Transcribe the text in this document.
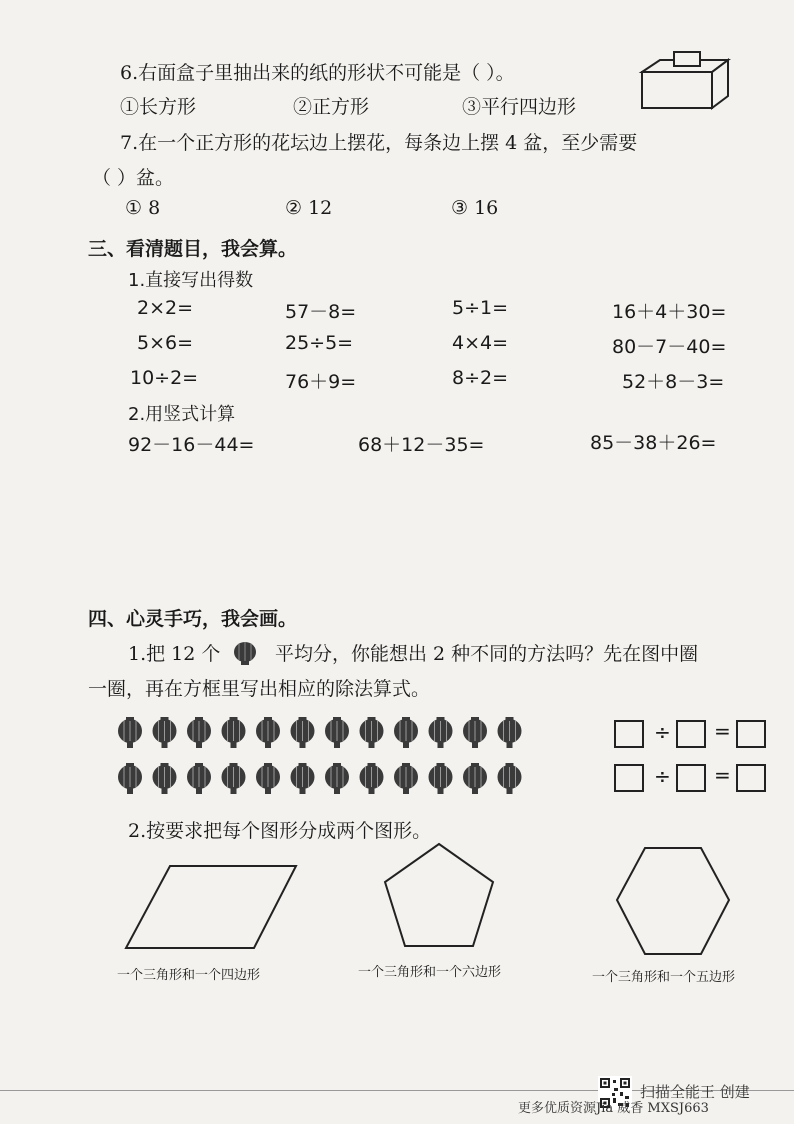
6.右面盒子里抽出来的纸的形状不可能是（ ）。
①长方形	②正方形	③平行四边形
7.在一个正方形的花坛边上摆花，每条边上摆 4 盆，至少需要
（ ）盆。
① 8	② 12	③ 16
三、看清题目，我会算。
1.直接写出得数
2×2=	57－8=	5÷1=	16＋4＋30=
5×6=	25÷5=	4×4=	80－7－40=
10÷2=	76＋9=	8÷2=	52＋8－3=
2.用竖式计算
92－16－44=	68＋12－35=	85－38＋26=
四、心灵手巧，我会画。
1.把 12 个	平均分，你能想出 2 种不同的方法吗？先在图中圈
一圈，再在方框里写出相应的除法算式。
÷ =
÷ =
2.按要求把每个图形分成两个图形。
一个三角形和一个四边形	一个三角形和一个六边形	一个三角形和一个五边形
扫描全能王 创建
更多优质资源Jia 威香 MXSJ663
